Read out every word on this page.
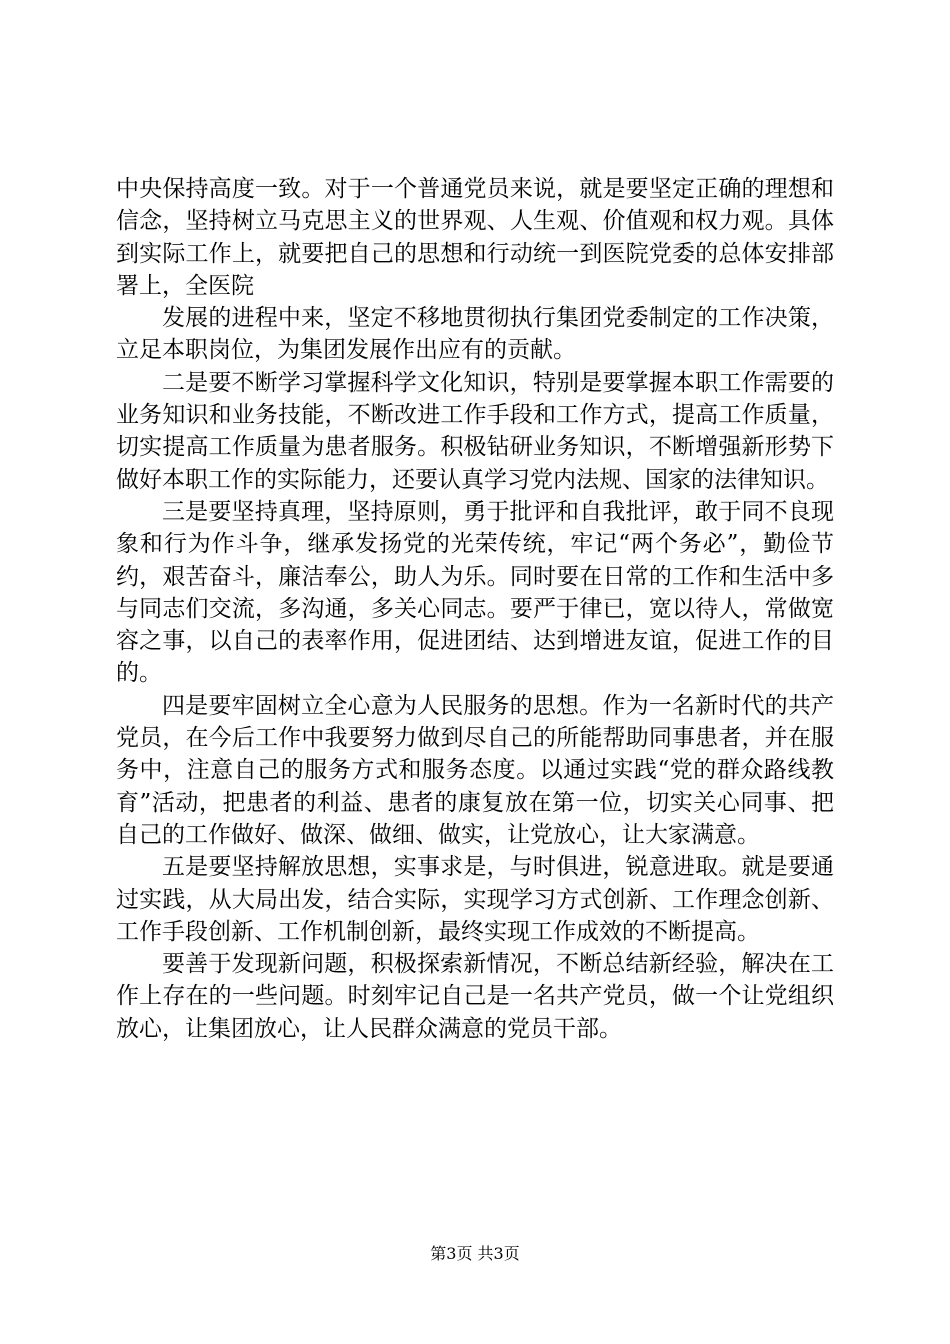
中央保持高度一致。对于一个普通党员来说，就是要坚定正确的理想和信念，坚持树立马克思主义的世界观、人生观、价值观和权力观。具体到实际工作上，就要把自己的思想和行动统一到医院党委的总体安排部署上，全医院

发展的进程中来，坚定不移地贯彻执行集团党委制定的工作决策，立足本职岗位，为集团发展作出应有的贡献。

二是要不断学习掌握科学文化知识，特别是要掌握本职工作需要的业务知识和业务技能，不断改进工作手段和工作方式，提高工作质量，切实提高工作质量为患者服务。积极钻研业务知识，不断增强新形势下做好本职工作的实际能力，还要认真学习党内法规、国家的法律知识。

三是要坚持真理，坚持原则，勇于批评和自我批评，敢于同不良现象和行为作斗争，继承发扬党的光荣传统，牢记“两个务必”，勤俭节约，艰苦奋斗，廉洁奉公，助人为乐。同时要在日常的工作和生活中多与同志们交流，多沟通，多关心同志。要严于律已，宽以待人，常做宽容之事，以自己的表率作用，促进团结、达到增进友谊，促进工作的目的。

四是要牢固树立全心意为人民服务的思想。作为一名新时代的共产党员，在今后工作中我要努力做到尽自己的所能帮助同事患者，并在服务中，注意自己的服务方式和服务态度。以通过实践“党的群众路线教育”活动，把患者的利益、患者的康复放在第一位，切实关心同事、把自己的工作做好、做深、做细、做实，让党放心，让大家满意。

五是要坚持解放思想，实事求是，与时俱进，锐意进取。就是要通过实践，从大局出发，结合实际，实现学习方式创新、工作理念创新、工作手段创新、工作机制创新，最终实现工作成效的不断提高。

要善于发现新问题，积极探索新情况，不断总结新经验，解决在工作上存在的一些问题。时刻牢记自己是一名共产党员，做一个让党组织放心，让集团放心，让人民群众满意的党员干部。

第3页 共3页
